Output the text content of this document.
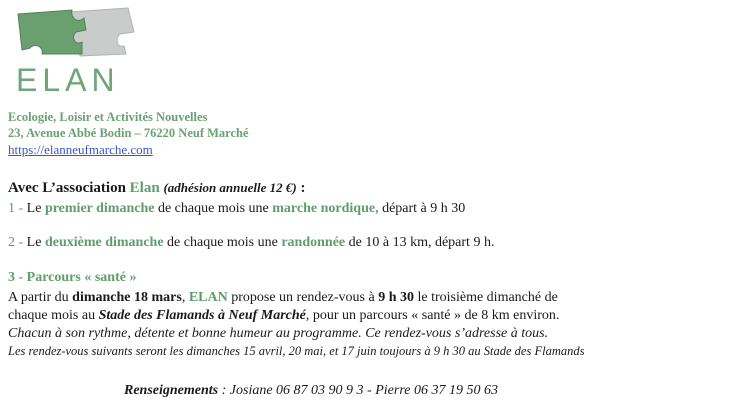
ELAN
Ecologie, Loisir et Activités Nouvelles
23, Avenue Abbé Bodin – 76220 Neuf Marché
https://elanneufmarche.com
Avec L’association Elan (adhésion annuelle 12 €) :
1 - Le premier dimanche de chaque mois une marche nordique, départ à 9 h 30
2 - Le deuxième dimanche de chaque mois une randonnée de 10 à 13 km, départ 9 h.
3 - Parcours « santé »
A partir du dimanche 18 mars, ELAN propose un rendez-vous à 9 h 30 le troisième dimanché de
chaque mois au Stade des Flamands à Neuf Marché, pour un parcours « santé » de 8 km environ.
Chacun à son rythme, détente et bonne humeur au programme. Ce rendez-vous s’adresse à tous.
Les rendez-vous suivants seront les dimanches 15 avril, 20 mai, et 17 juin toujours à 9 h 30 au Stade des Flamands
Renseignements : Josiane 06 87 03 90 9 3 - Pierre 06 37 19 50 63
